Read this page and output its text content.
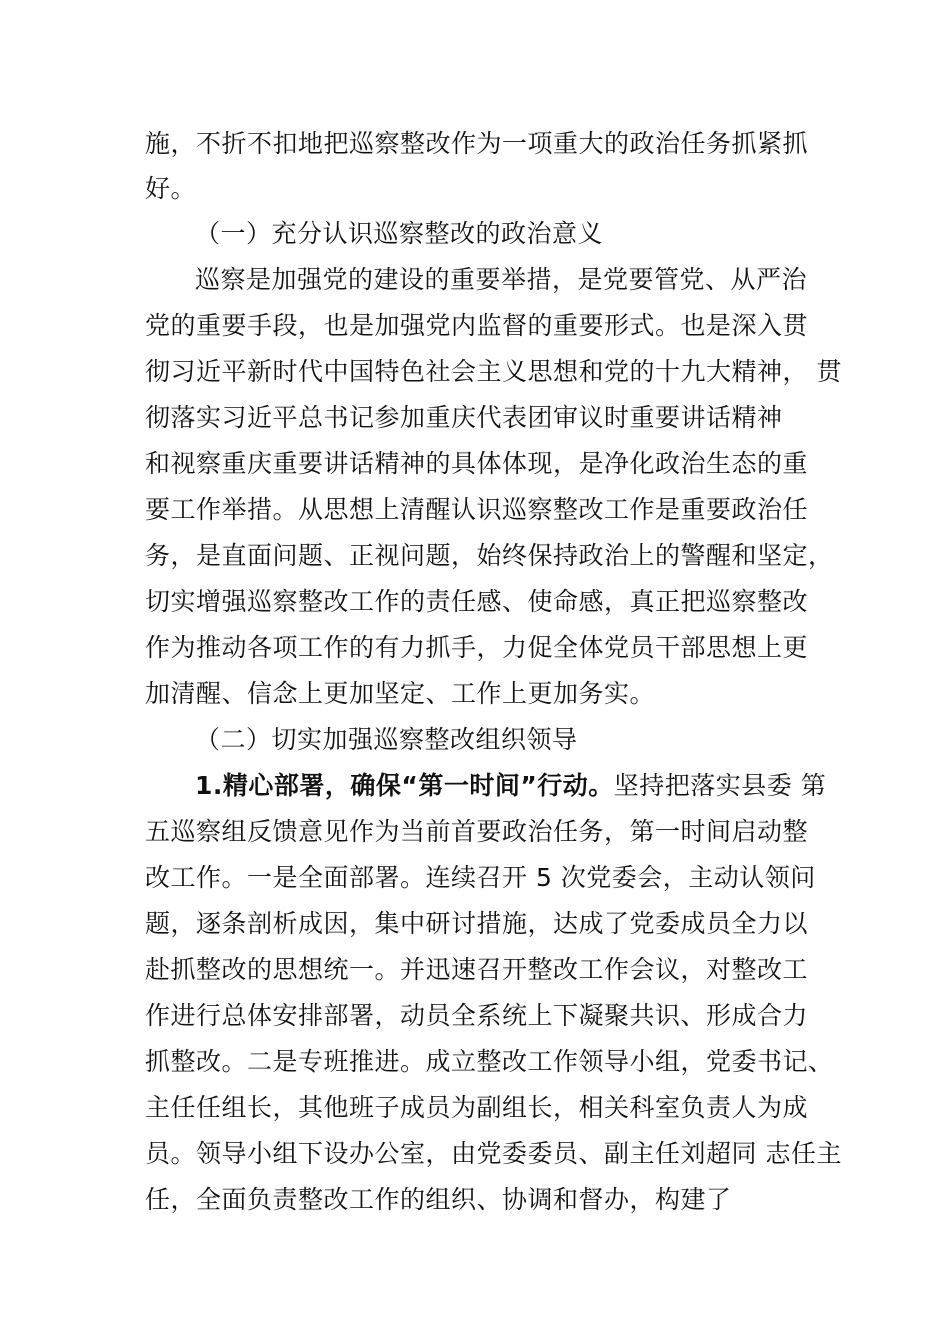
施，不折不扣地把巡察整改作为一项重大的政治任务抓紧抓
好。
（一）充分认识巡察整改的政治意义
巡察是加强党的建设的重要举措，是党要管党、从严治
党的重要手段，也是加强党内监督的重要形式。也是深入贯
彻习近平新时代中国特色社会主义思想和党的十九大精神， 贯
彻落实习近平总书记参加重庆代表团审议时重要讲话精神
和视察重庆重要讲话精神的具体体现，是净化政治生态的重
要工作举措。从思想上清醒认识巡察整改工作是重要政治任
务，是直面问题、正视问题，始终保持政治上的警醒和坚定，
切实增强巡察整改工作的责任感、使命感，真正把巡察整改
作为推动各项工作的有力抓手，力促全体党员干部思想上更
加清醒、信念上更加坚定、工作上更加务实。
（二）切实加强巡察整改组织领导
1.精心部署，确保“第一时间”行动。坚持把落实县委 第
五巡察组反馈意见作为当前首要政治任务，第一时间启动整
改工作。一是全面部署。连续召开 5 次党委会，主动认领问
题，逐条剖析成因，集中研讨措施，达成了党委成员全力以
赴抓整改的思想统一。并迅速召开整改工作会议，对整改工
作进行总体安排部署，动员全系统上下凝聚共识、形成合力
抓整改。二是专班推进。成立整改工作领导小组，党委书记、
主任任组长，其他班子成员为副组长，相关科室负责人为成
员。领导小组下设办公室，由党委委员、副主任刘超同 志任主
任，全面负责整改工作的组织、协调和督办，构建了
